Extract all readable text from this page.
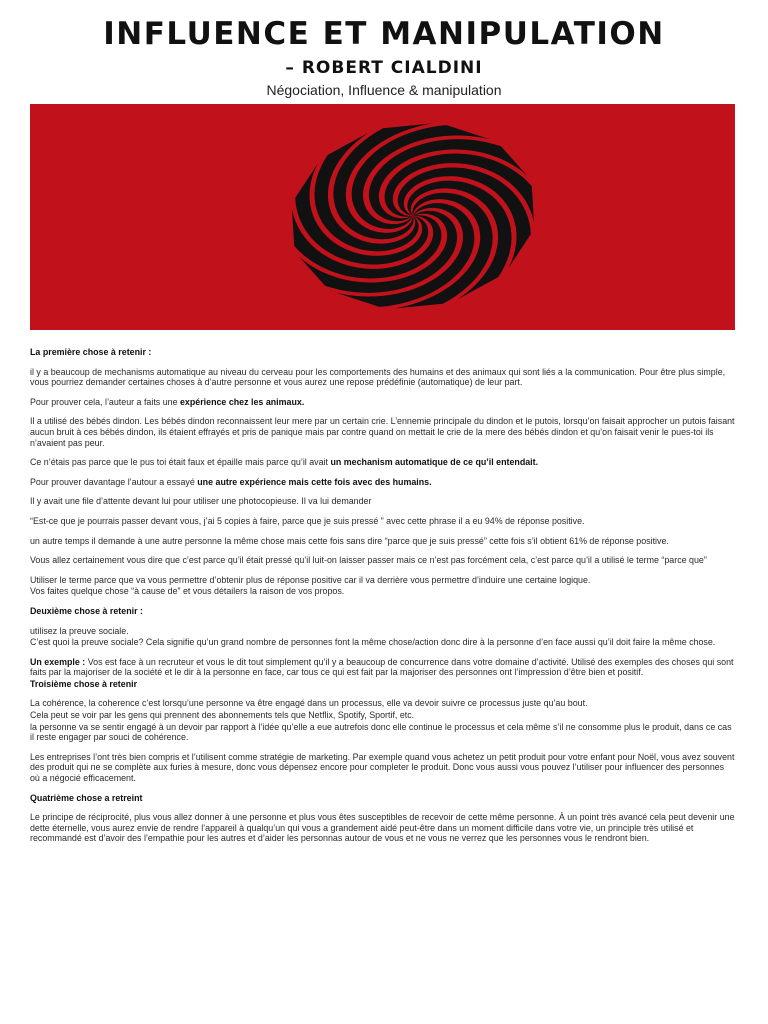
INFLUENCE ET MANIPULATION
– ROBERT CIALDINI
Négociation, Influence & manipulation

La première chose à retenir :

il y a beaucoup de mechanisms automatique au niveau du cerveau pour les comportements des humains et des animaux qui sont liés a la communication. Pour être plus simple, vous pourriez demander certaines choses à d’autre personne et vous aurez une repose prédéfinie (automatique) de leur part.

Pour prouver cela, l’auteur a faits une expérience chez les animaux.

Il a utilisé des bébés dindon. Les bébés dindon reconnaissent leur mere par un certain crie. L’ennemie principale du dindon et le putois, lorsqu’on faisait approcher un putois faisant aucun bruit à ces bébés dindon, ils étaient effrayés et pris de panique mais par contre quand on mettait le crie de la mere des bébés dindon et qu’on faisait venir le pues-toi ils n’avaient pas peur.

Ce n’étais pas parce que le pus toi était faux et épaille mais parce qu’il avait un mechanism automatique de ce qu’il entendait.

Pour prouver davantage l’autour a essayé une autre expérience mais cette fois avec des humains.

Il y avait une file d’attente devant lui pour utiliser une photocopieuse. Il va lui demander

“Est-ce que je pourrais passer devant vous, j’ai 5 copies à faire, parce que je suis pressé ” avec cette phrase il a eu 94% de réponse positive.

un autre temps il demande à une autre personne la même chose mais cette fois sans dire “parce que je suis pressé” cette fois s’il obtient 61% de réponse positive.

Vous allez certainement vous dire que c’est parce qu’il était pressé qu’il luit-on laisser passer mais ce n’est pas forcément cela, c’est parce qu’il a utilisé le terme “parce que”

Utiliser le terme parce que va vous permettre d’obtenir plus de réponse positive car il va derrière vous permettre d’induire une certaine logique.

Vos faites quelque chose “à cause de” et vous détailers la raison de vos propos.

Deuxième chose à retenir :

utilisez la preuve sociale.

C’est quoi la preuve sociale? Cela signifie qu’un grand nombre de personnes font la même chose/action donc dire à la personne d’en face aussi qu’il doit faire la même chose.

Un exemple : Vos est face à un recruteur et vous le dit tout simplement qu’il y a beaucoup de concurrence dans votre domaine d’activité. Utilisé des exemples des choses qui sont faits par la majoriser de la société et le dir à la personne en face, car tous ce qui est fait par la majoriser des personnes ont l’impression d’être bien et positif.

Troisième chose à retenir

La cohérence, la coherence c’est lorsqu’une personne va être engagé dans un processus, elle va devoir suivre ce processus juste qu’au bout.

Cela peut se voir par les gens qui prennent des abonnements tels que Netflix, Spotify, Sportif, etc.

la personne va se sentir engagé à un devoir par rapport à l’idée qu’elle a eue autrefois donc elle continue le processus et cela même s’il ne consomme plus le produit, dans ce cas il reste engager par souci de cohérence.

Les entreprises l’ont très bien compris et l’utilisent comme stratégie de marketing. Par exemple quand vous achetez un petit produit pour votre enfant pour Noël, vous avez souvent des produit qui ne se complète aux furies à mesure, donc vous dépensez encore pour completer le produit. Donc vous aussi vous pouvez l’utiliser pour influencer des personnes où a négocié efficacement.

Quatrième chose a retreint

Le principe de réciprocité, plus vous allez donner à une personne et plus vous êtes susceptibles de recevoir de cette même personne. À un point très avancé cela peut devenir une dette éternelle, vous aurez envie de rendre l’appareil à qualqu’un qui vous a grandement aidé peut-être dans un moment difficile dans votre vie, un principle très utilisé et recommandé est d’avoir des l’empathie pour les autres et d’aider les personnas autour de vous et ne vous ne verrez que les personnes vous le rendront bien.
